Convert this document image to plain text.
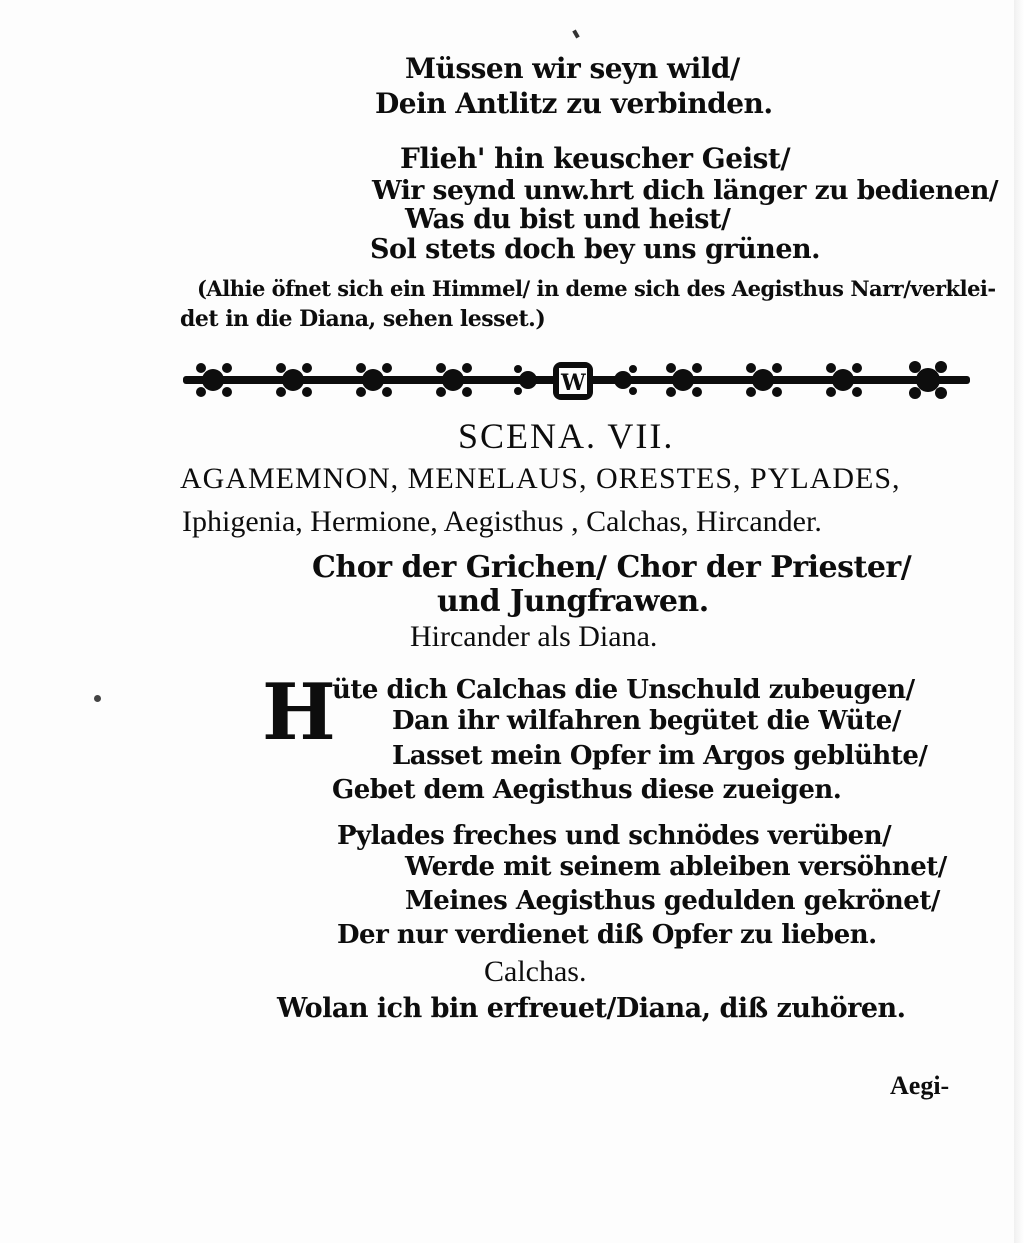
Müssen wir seyn wild/
Dein Antlitz zu verbinden.
Flieh' hin keuscher Geist/
Wir seynd unw.hrt dich länger zu bedienen/
Was du bist und heist/
Sol stets doch bey uns grünen.
(Alhie öfnet sich ein Himmel/ in deme sich des Aegisthus Narr/verklei-
det in die Diana, sehen lesset.)
W
SCENA. VII.
AGAMEMNON, MENELAUS, ORESTES, PYLADES,
Iphigenia, Hermione, Aegisthus , Calchas, Hircander.
Chor der Grichen/ Chor der Priester/
und Jungfrawen.
Hircander als Diana.
H
üte dich Calchas die Unschuld zubeugen/
Dan ihr wilfahren begütet die Wüte/
Lasset mein Opfer im Argos geblühte/
Gebet dem Aegisthus diese zueigen.
Pylades freches und schnödes verüben/
Werde mit seinem ableiben versöhnet/
Meines Aegisthus gedulden gekrönet/
Der nur verdienet diß Opfer zu lieben.
Calchas.
Wolan ich bin erfreuet/Diana, diß zuhören.
Aegi-
